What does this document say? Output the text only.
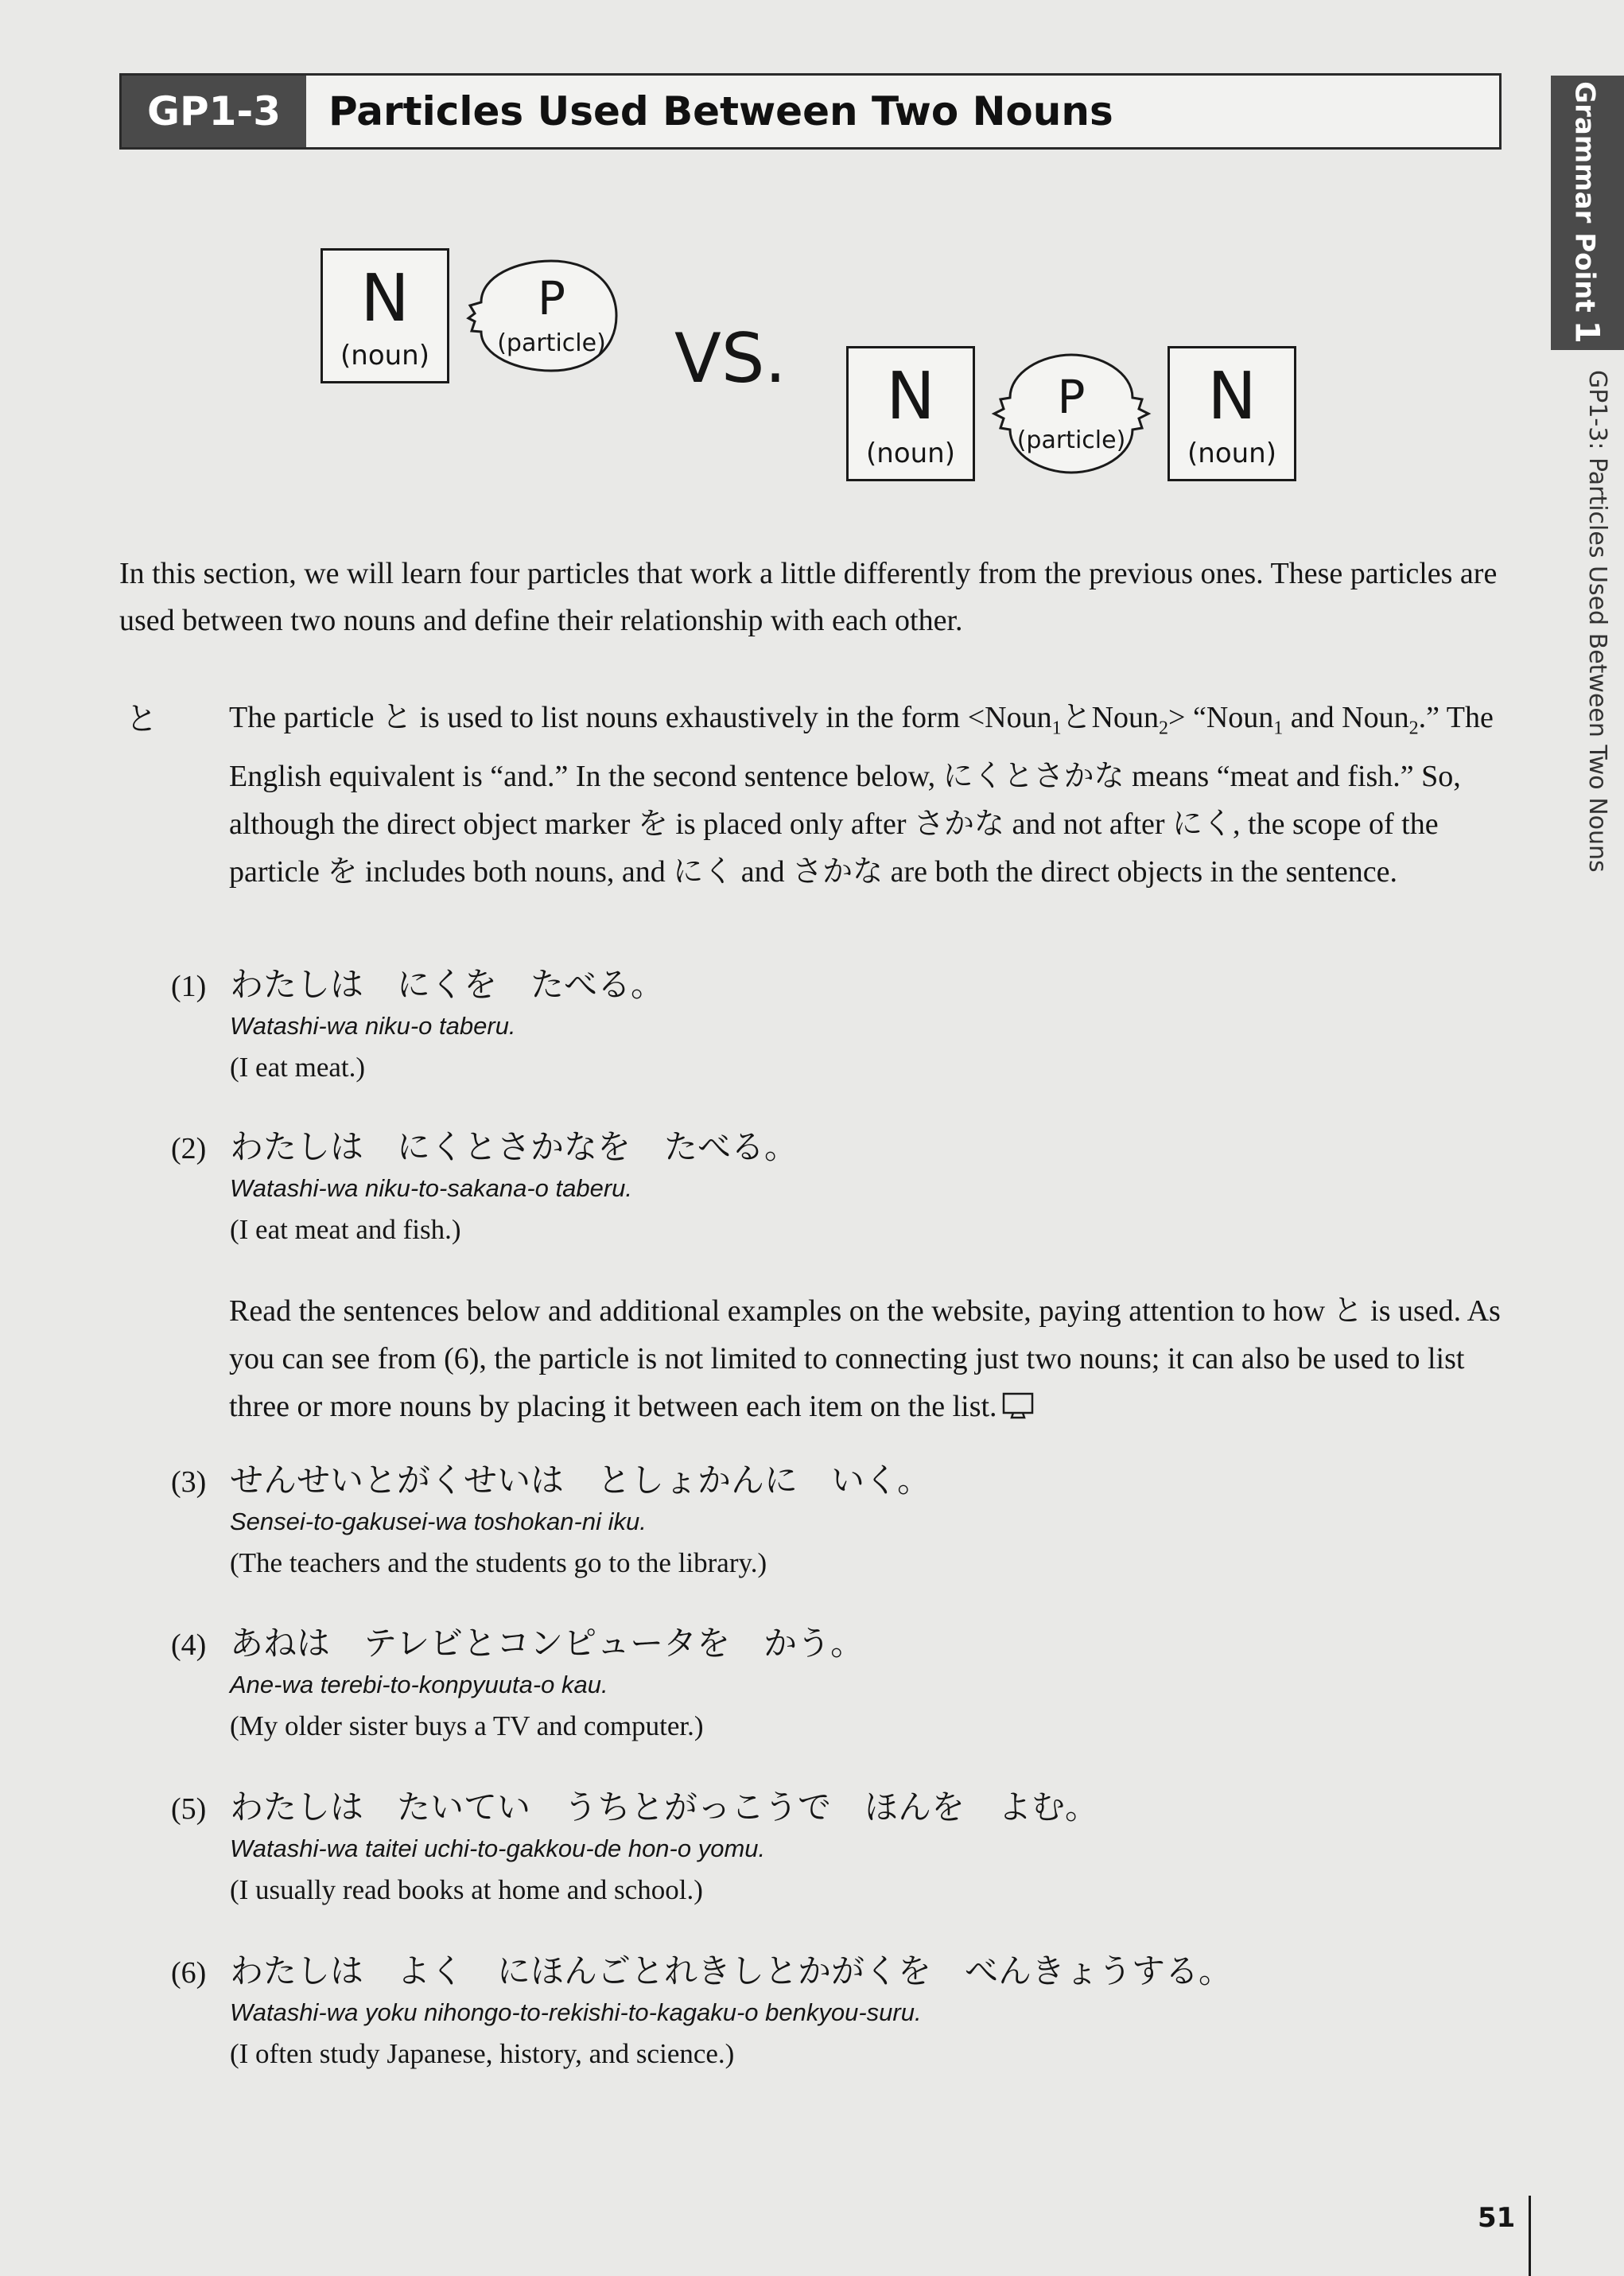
GP1-3	Particles Used Between Two Nouns	Grammar Point1
GP1-3: Particles Used Between Two Nouns
N
(noun)
P
(particle)	VS.	N
(noun)
P
(particle)
N
(noun)
In this section, we will learn four particles that work a little differently from the previous ones. These particles are used between two nouns and define their relationship with each other.
と The particle と is used to list nouns exhaustively in the form <Noun$_1$とNoun$_2$> “Noun$_1$ and Noun$_2$.” The English equivalent is “and.” In the second sentence below, にくとさかな means “meat and fish.” So, although the direct object marker を is placed only after さかな and not after にく, the scope of the particle を includes both nouns, and にく and さかな are both the direct objects in the sentence.
(1) わたしは　にくを　たべる。
Watashi-wa niku-o taberu.
(I eat meat.)
(2) わたしは　にくとさかなを　たべる。
Watashi-wa niku-to-sakana-o taberu.
(I eat meat and fish.)
Read the sentences below and additional examples on the website, paying attention to how と is used. As you can see from (6), the particle is not limited to connecting just two nouns; it can also be used to list three or more nouns by placing it between each item on the list.
(3) せんせいとがくせいは　としょかんに　いく。
Sensei-to-gakusei-wa toshokan-ni iku.
(The teachers and the students go to the library.)
(4) あねは　テレビとコンピュータを　かう。
Ane-wa terebi-to-konpyuuta-o kau.
(My older sister buys a TV and computer.)
(5) わたしは　たいてい　うちとがっこうで　ほんを　よむ。
Watashi-wa taitei uchi-to-gakkou-de hon-o yomu.
(I usually read books at home and school.)
(6) わたしは　よく　にほんごとれきしとかがくを　べんきょうする。
Watashi-wa yoku nihongo-to-rekishi-to-kagaku-o benkyou-suru.
(I often study Japanese, history, and science.)
51
